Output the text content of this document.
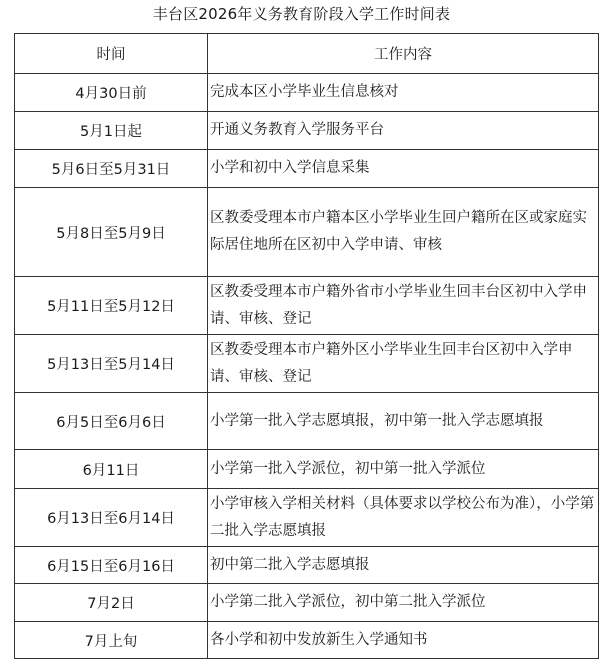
丰台区2026年义务教育阶段入学工作时间表
时间	工作内容
4月30日前	完成本区小学毕业生信息核对
5月1日起	开通义务教育入学服务平台
5月6日至5月31日	小学和初中入学信息采集
5月8日至5月9日	区教委受理本市户籍本区小学毕业生回户籍所在区或家庭实际居住地所在区初中入学申请、审核
5月11日至5月12日	区教委受理本市户籍外省市小学毕业生回丰台区初中入学申请、审核、登记
5月13日至5月14日	区教委受理本市户籍外区小学毕业生回丰台区初中入学申请、审核、登记
6月5日至6月6日	小学第一批入学志愿填报，初中第一批入学志愿填报
6月11日	小学第一批入学派位，初中第一批入学派位
6月13日至6月14日	小学审核入学相关材料（具体要求以学校公布为准），小学第二批入学志愿填报
6月15日至6月16日	初中第二批入学志愿填报
7月2日	小学第二批入学派位，初中第二批入学派位
7月上旬	各小学和初中发放新生入学通知书
